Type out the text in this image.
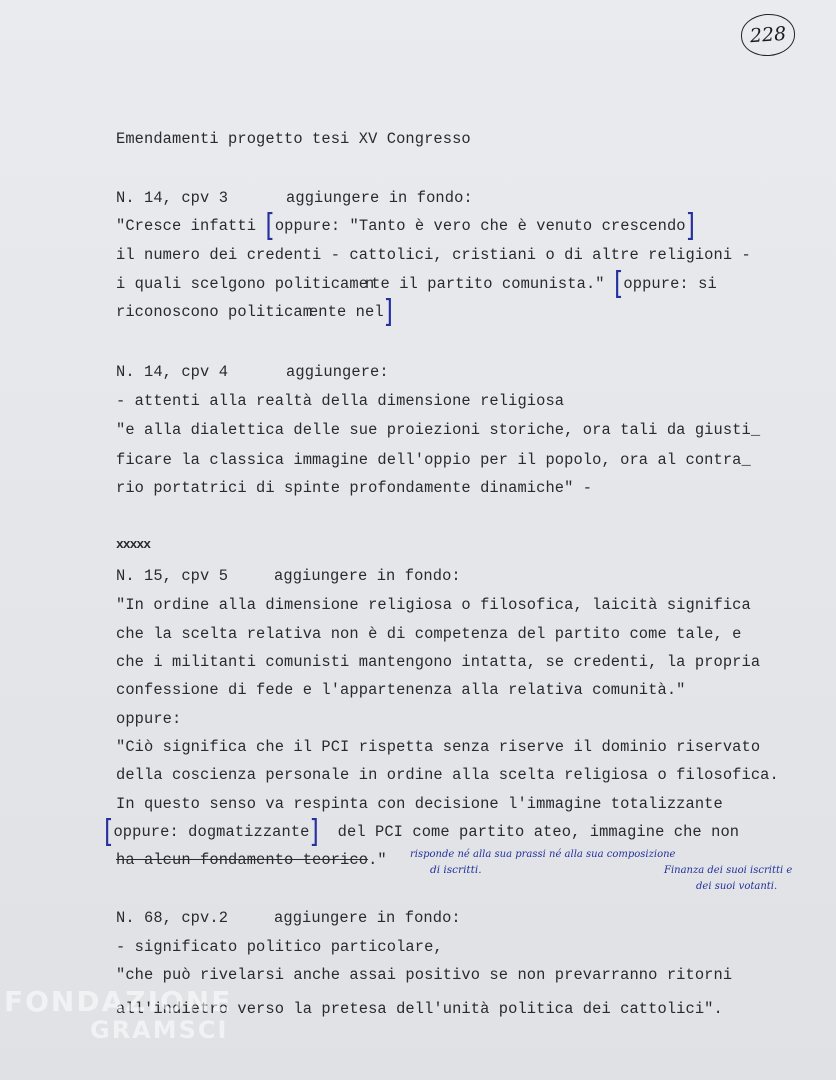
228
Emendamenti progetto tesi XV Congresso
N. 14, cpv 3	aggiungere in fondo:
"Cresce infatti [oppure: "Tanto è vero che è venuto crescendo]
il numero dei credenti - cattolici, cristiani o di altre religioni -
i quali scelgono politicamente il partito comunista." [oppure: si
riconoscono politicamente nel]
N. 14, cpv 4	aggiungere:
- attenti alla realtà della dimensione religiosa
"e alla dialettica delle sue proiezioni storiche, ora tali da giusti_
ficare la classica immagine dell'oppio per il popolo, ora al contra_
rio portatrici di spinte profondamente dinamiche" -
xxxxx
N. 15, cpv 5	aggiungere in fondo:
"In ordine alla dimensione religiosa o filosofica, laicità significa
che la scelta relativa non è di competenza del partito come tale, e
che i militanti comunisti mantengono intatta, se credenti, la propria
confessione di fede e l'appartenenza alla relativa comunità."
oppure:
"Ciò significa che il PCI rispetta senza riserve il dominio riservato
della coscienza personale in ordine alla scelta religiosa o filosofica.
In questo senso va respinta con decisione l'immagine totalizzante
[oppure: dogmatizzante]  del PCI come partito ateo, immagine che non
ha alcun fondamento teorico." risponde né alla sua prassi né alla sua composizione
di iscritti.	Finanza dei suoi iscritti e
dei suoi votanti.
N. 68, cpv.2	aggiungere in fondo:
- significato politico particolare,
"che può rivelarsi anche assai positivo se non prevarranno ritorni
all'indietro verso la pretesa dell'unità politica dei cattolici".
FONDAZIONE
GRAMSCI
